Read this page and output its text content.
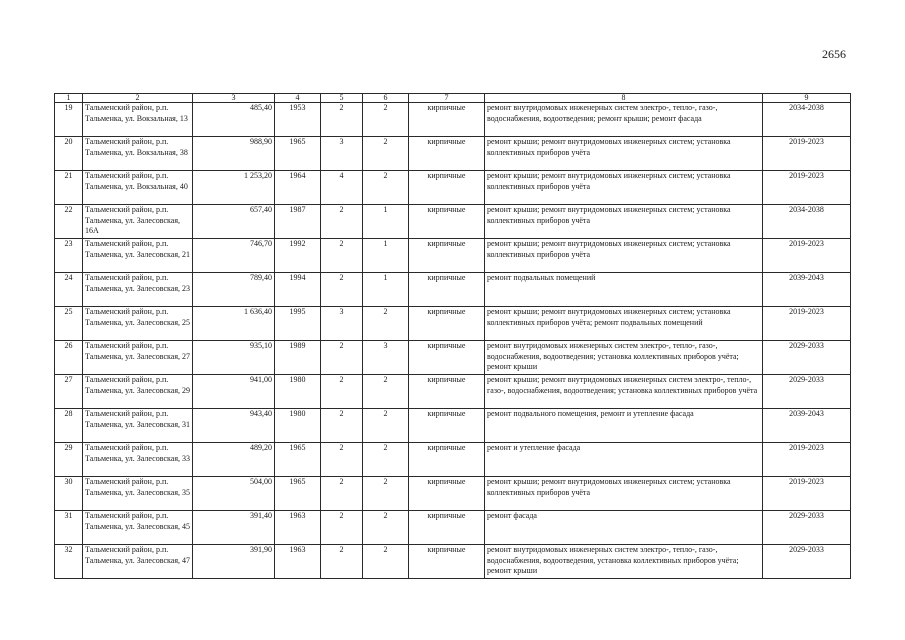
2656
1	2	3	4	5	6	7	8	9
19	Тальменский район, р.п. Тальменка, ул. Вокзальная, 13	485,40	1953	2	2	кирпичные	ремонт внутридомовых инженерных систем электро-, тепло-, газо-, водоснабжения, водоотведения; ремонт крыши; ремонт фасада	2034-2038
20	Тальменский район, р.п. Тальменка, ул. Вокзальная, 38	988,90	1965	3	2	кирпичные	ремонт крыши; ремонт внутридомовых инженерных систем; установка коллективных приборов учёта	2019-2023
21	Тальменский район, р.п. Тальменка, ул. Вокзальная, 40	1 253,20	1964	4	2	кирпичные	ремонт крыши; ремонт внутридомовых инженерных систем; установка коллективных приборов учёта	2019-2023
22	Тальменский район, р.п. Тальменка, ул. Залесовская, 16А	657,40	1987	2	1	кирпичные	ремонт крыши; ремонт внутридомовых инженерных систем; установка коллективных приборов учёта	2034-2038
23	Тальменский район, р.п. Тальменка, ул. Залесовская, 21	746,70	1992	2	1	кирпичные	ремонт крыши; ремонт внутридомовых инженерных систем; установка коллективных приборов учёта	2019-2023
24	Тальменский район, р.п. Тальменка, ул. Залесовская, 23	789,40	1994	2	1	кирпичные	ремонт подвальных помещений	2039-2043
25	Тальменский район, р.п. Тальменка, ул. Залесовская, 25	1 636,40	1995	3	2	кирпичные	ремонт крыши; ремонт внутридомовых инженерных систем; установка коллективных приборов учёта; ремонт подвальных помещений	2019-2023
26	Тальменский район, р.п. Тальменка, ул. Залесовская, 27	935,10	1989	2	3	кирпичные	ремонт внутридомовых инженерных систем электро-, тепло-, газо-, водоснабжения, водоотведения; установка коллективных приборов учёта; ремонт крыши	2029-2033
27	Тальменский район, р.п. Тальменка, ул. Залесовская, 29	941,00	1980	2	2	кирпичные	ремонт крыши; ремонт внутридомовых инженерных систем электро-, тепло-, газо-, водоснабжения, водоотведения; установка коллективных приборов учёта	2029-2033
28	Тальменский район, р.п. Тальменка, ул. Залесовская, 31	943,40	1980	2	2	кирпичные	ремонт подвального помещения, ремонт и утепление фасада	2039-2043
29	Тальменский район, р.п. Тальменка, ул. Залесовская, 33	489,20	1965	2	2	кирпичные	ремонт и утепление фасада	2019-2023
30	Тальменский район, р.п. Тальменка, ул. Залесовская, 35	504,00	1965	2	2	кирпичные	ремонт крыши; ремонт внутридомовых инженерных систем; установка коллективных приборов учёта	2019-2023
31	Тальменский район, р.п. Тальменка, ул. Залесовская, 45	391,40	1963	2	2	кирпичные	ремонт фасада	2029-2033
32	Тальменский район, р.п. Тальменка, ул. Залесовская, 47	391,90	1963	2	2	кирпичные	ремонт внутридомовых инженерных систем электро-, тепло-, газо-, водоснабжения, водоотведения, установка коллективных приборов учёта; ремонт крыши	2029-2033
